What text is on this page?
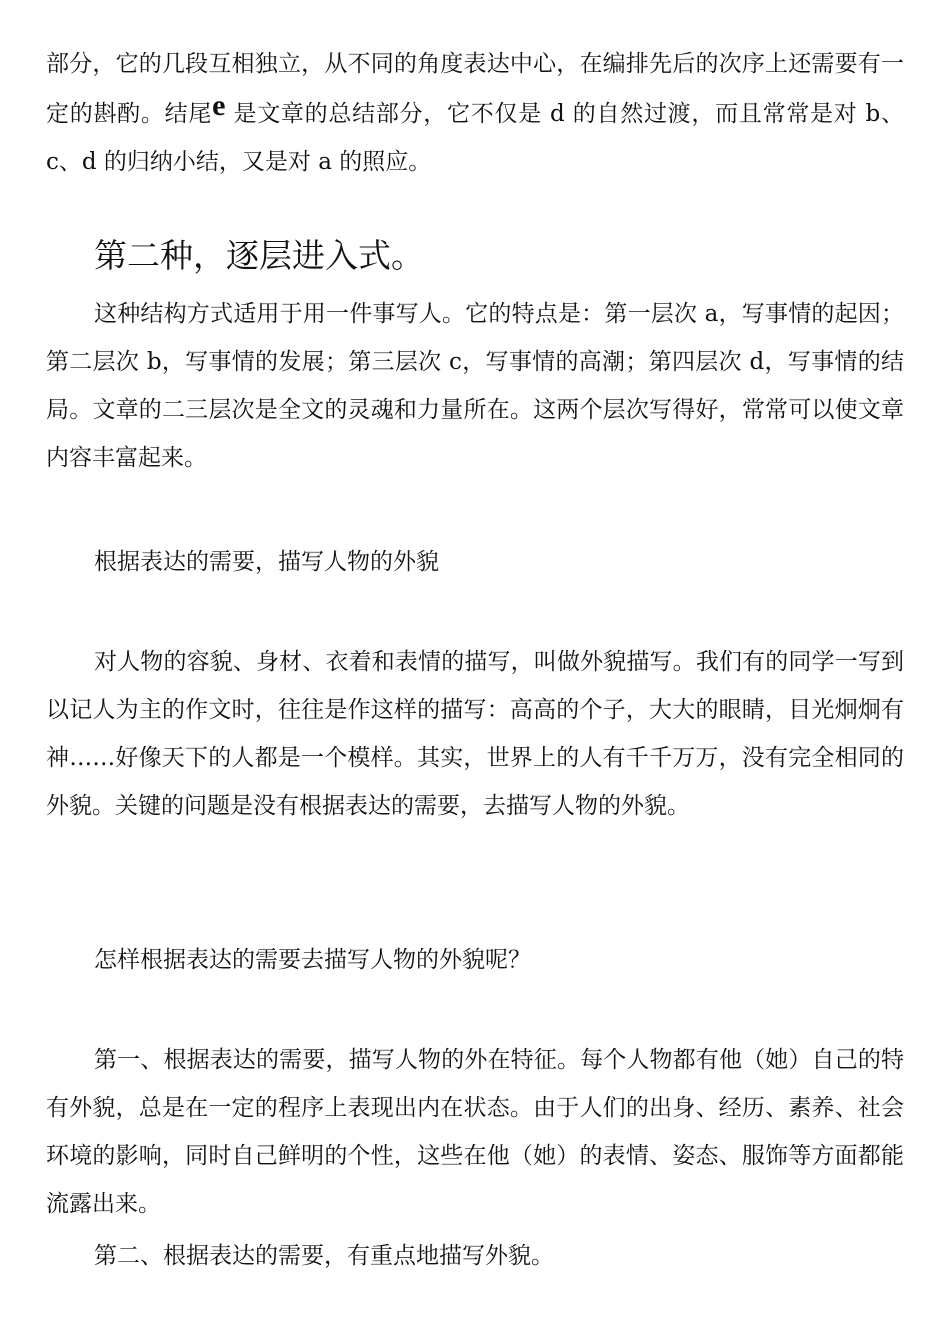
部分，它的几段互相独立，从不同的角度表达中心，在编排先后的次序上还需要有一定的斟酌。结尾e 是文章的总结部分，它不仅是 d 的自然过渡，而且常常是对 b、c、d 的归纳小结，又是对 a 的照应。

第二种，逐层进入式。

这种结构方式适用于用一件事写人。它的特点是：第一层次 a，写事情的起因；第二层次 b，写事情的发展；第三层次 c，写事情的高潮；第四层次 d，写事情的结局。文章的二三层次是全文的灵魂和力量所在。这两个层次写得好，常常可以使文章内容丰富起来。

根据表达的需要，描写人物的外貌

对人物的容貌、身材、衣着和表情的描写，叫做外貌描写。我们有的同学一写到以记人为主的作文时，往往是作这样的描写：高高的个子，大大的眼睛，目光炯炯有神……好像天下的人都是一个模样。其实，世界上的人有千千万万，没有完全相同的外貌。关键的问题是没有根据表达的需要，去描写人物的外貌。

怎样根据表达的需要去描写人物的外貌呢？

第一、根据表达的需要，描写人物的外在特征。每个人物都有他（她）自己的特有外貌，总是在一定的程序上表现出内在状态。由于人们的出身、经历、素养、社会环境的影响，同时自己鲜明的个性，这些在他（她）的表情、姿态、服饰等方面都能流露出来。

第二、根据表达的需要，有重点地描写外貌。
